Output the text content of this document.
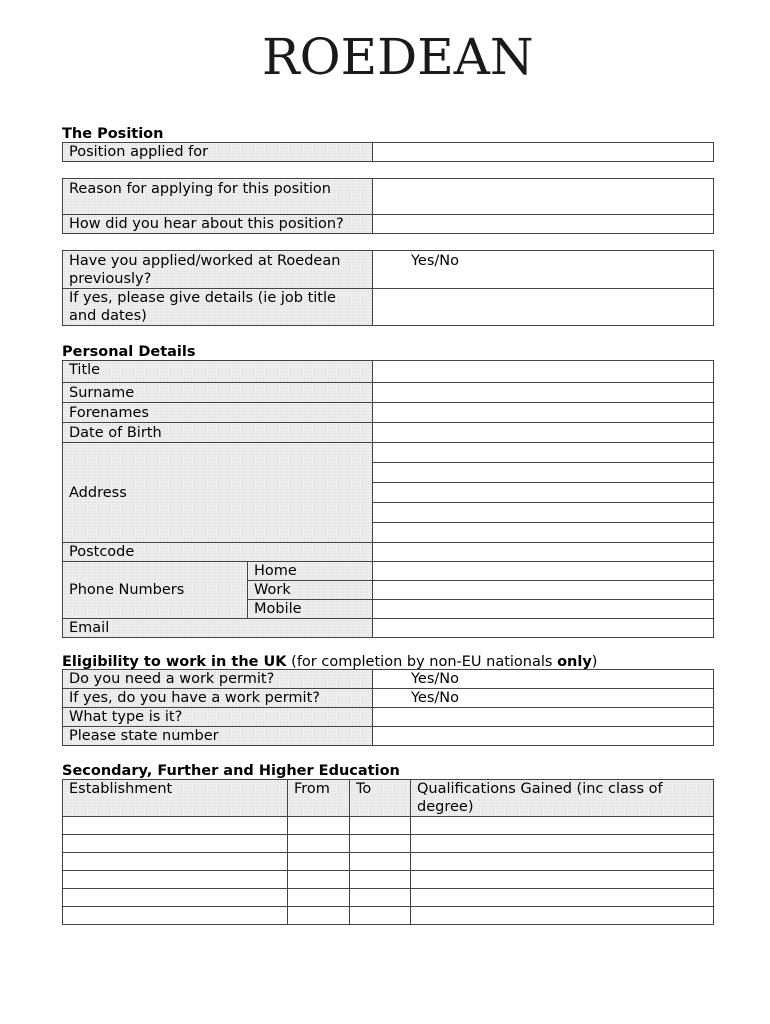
ROEDEAN
The Position
Position applied for	
Reason for applying for this position	
How did you hear about this position?	
Have you applied/worked at Roedean previously?	Yes/No
If yes, please give details (ie job title and dates)	
Personal Details
Title		
Surname		
Forenames		
Date of Birth		
Address		

Postcode		
Phone Numbers	Home	
	Work	
	Mobile	
Email		
Eligibility to work in the UK (for completion by non-EU nationals only)
Do you need a work permit?	Yes/No
If yes, do you have a work permit?	Yes/No
What type is it?	
Please state number	
Secondary, Further and Higher Education
Establishment	From	To	Qualifications Gained (inc class of degree)
